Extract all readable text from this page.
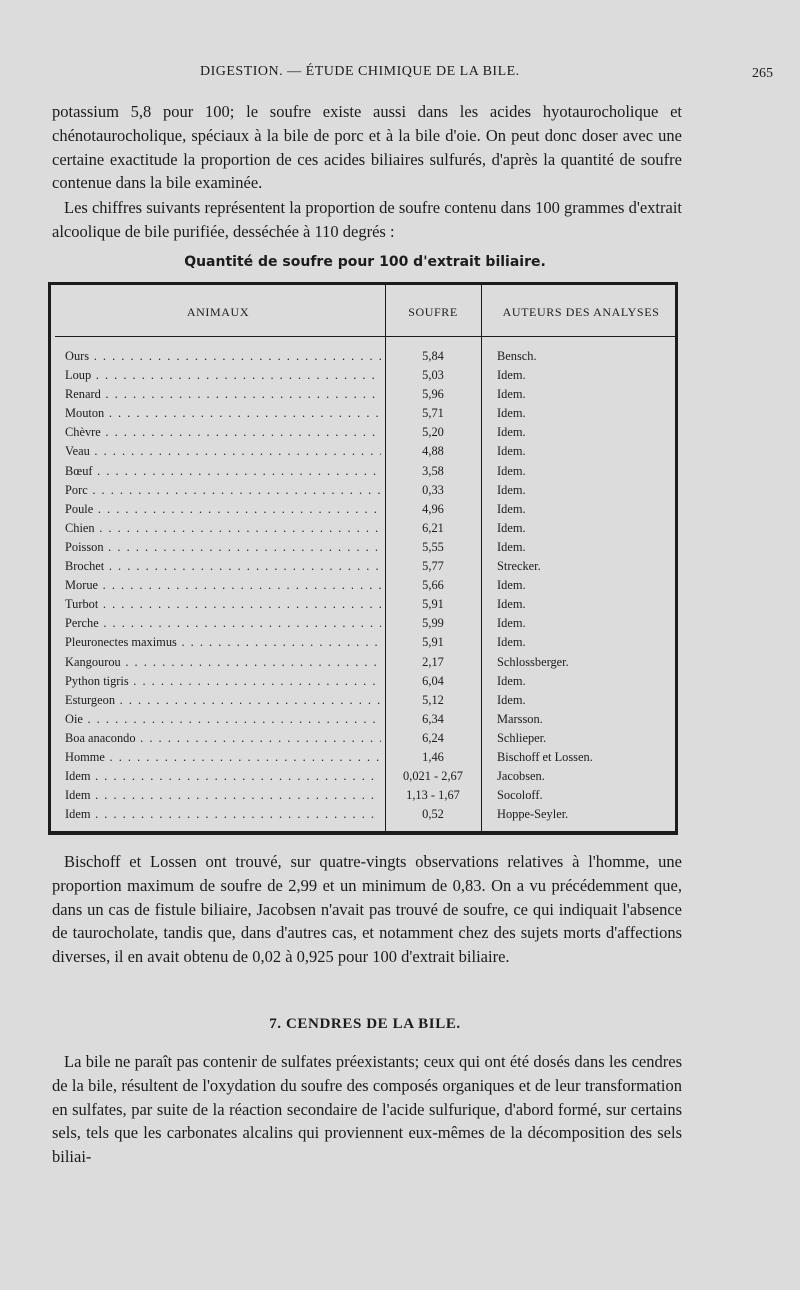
DIGESTION. — ÉTUDE CHIMIQUE DE LA BILE.	265

potassium 5,8 pour 100; le soufre existe aussi dans les acides hyotaurocholique et chénotaurocholique, spéciaux à la bile de porc et à la bile d'oie. On peut donc doser avec une certaine exactitude la proportion de ces acides biliaires sulfurés, d'après la quantité de soufre contenue dans la bile examinée.

Les chiffres suivants représentent la proportion de soufre contenu dans 100 grammes d'extrait alcoolique de bile purifiée, desséchée à 110 degrés :

Quantité de soufre pour 100 d'extrait biliaire.
ANIMAUX	SOUFRE	AUTEURS DES ANALYSES
Ours . . .	5,84	Bensch.
Loup . . .	5,03	Idem.
Renard . . .	5,96	Idem.
Mouton . . .	5,71	Idem.
Chèvre . . .	5,20	Idem.
Veau . . .	4,88	Idem.
Bœuf . . .	3,58	Idem.
Porc . . .	0,33	Idem.
Poule . . .	4,96	Idem.
Chien . . .	6,21	Idem.
Poisson . . .	5,55	Idem.
Brochet . . .	5,77	Strecker.
Morue . . .	5,66	Idem.
Turbot . . .	5,91	Idem.
Perche . . .	5,99	Idem.
Pleuronectes maximus . . .	5,91	Idem.
Kangourou . . .	2,17	Schlossberger.
Python tigris . . .	6,04	Idem.
Esturgeon . . .	5,12	Idem.
Oie . . .	6,34	Marsson.
Boa anacondo . . .	6,24	Schlieper.
Homme . . .	1,46	Bischoff et Lossen.
Idem . . .	0,021 - 2,67	Jacobsen.
Idem . . .	1,13 - 1,67	Socoloff.
Idem . . .	0,52	Hoppe-Seyler.

Bischoff et Lossen ont trouvé, sur quatre-vingts observations relatives à l'homme, une proportion maximum de soufre de 2,99 et un minimum de 0,83. On a vu précédemment que, dans un cas de fistule biliaire, Jacobsen n'avait pas trouvé de soufre, ce qui indiquait l'absence de taurocholate, tandis que, dans d'autres cas, et notamment chez des sujets morts d'affections diverses, il en avait obtenu de 0,02 à 0,925 pour 100 d'extrait biliaire.

7. CENDRES DE LA BILE.

La bile ne paraît pas contenir de sulfates préexistants; ceux qui ont été dosés dans les cendres de la bile, résultent de l'oxydation du soufre des composés organiques et de leur transformation en sulfates, par suite de la réaction secondaire de l'acide sulfurique, d'abord formé, sur certains sels, tels que les carbonates alcalins qui proviennent eux-mêmes de la décomposition des sels biliai-
